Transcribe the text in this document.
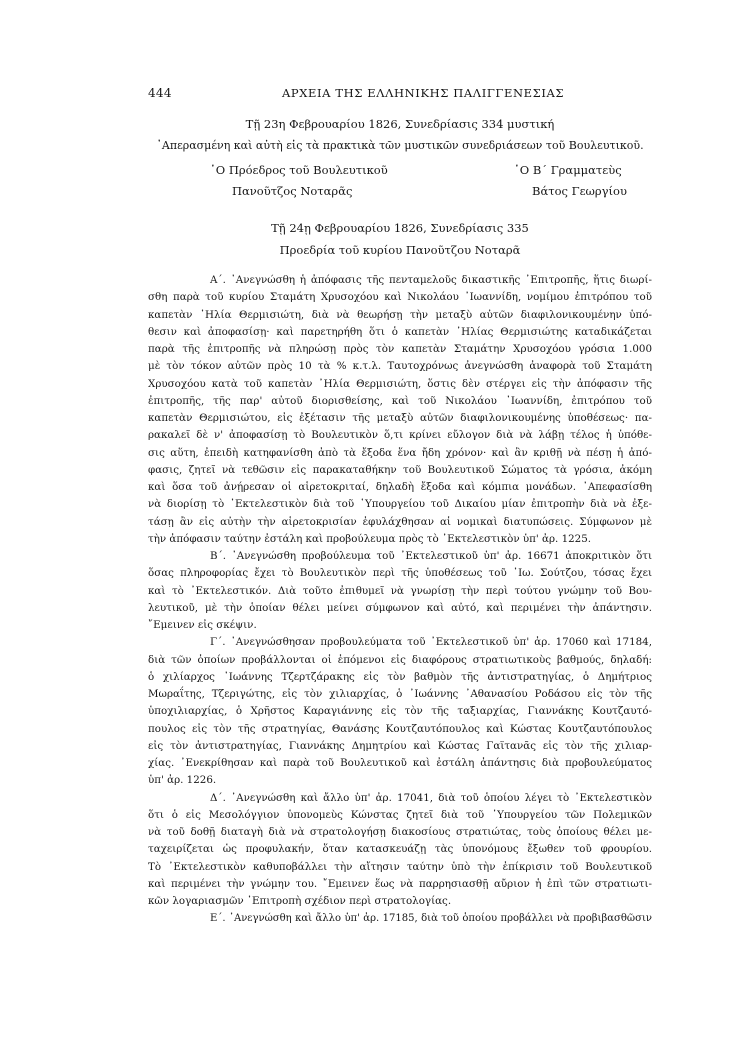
444	ΑΡΧΕΙΑ ΤΗΣ ΕΛΛΗΝΙΚΗΣ ΠΑΛΙΓΓΕΝΕΣΙΑΣ
Τῇ 23η Φεβρουαρίου 1826, Συνεδρίασις 334 μυστική
᾿Απερασμένη καὶ αὐτὴ εἰς τὰ πρακτικὰ τῶν μυστικῶν συνεδριάσεων τοῦ Βουλευτικοῦ.
῾Ο Πρόεδρος τοῦ Βουλευτικοῦ
Πανοῦτζος Νοταρᾶς
῾Ο Β΄ Γραμματεὺς
Βάτος Γεωργίου
Τῇ 24ῃ Φεβρουαρίου 1826, Συνεδρίασις 335
Προεδρία τοῦ κυρίου Πανοῦτζου Νοταρᾶ
Α΄. ᾿Ανεγνώσθη ἡ ἀπόφασις τῆς πενταμελοῦς δικαστικῆς ᾿Επιτροπῆς, ἥτις διωρί-
σθη παρὰ τοῦ κυρίου Σταμάτη Χρυσοχόου καὶ Νικολάου ᾿Ιωαννίδη, νομίμου ἐπιτρόπου τοῦ
καπετὰν ᾿Ηλία Θερμισιώτη, διὰ νὰ θεωρήσῃ τὴν μεταξὺ αὐτῶν διαφιλονικουμένην ὑπό-
θεσιν καὶ ἀποφασίσῃ· καὶ παρετηρήθη ὅτι ὁ καπετὰν ᾿Ηλίας Θερμισιώτης καταδικάζεται
παρὰ τῆς ἐπιτροπῆς νὰ πληρώσῃ πρὸς τὸν καπετὰν Σταμάτην Χρυσοχόου γρόσια 1.000
μὲ τὸν τόκον αὐτῶν πρὸς 10 τὰ % κ.τ.λ. Ταυτοχρόνως ἀνεγνώσθη ἀναφορὰ τοῦ Σταμάτη
Χρυσοχόου κατὰ τοῦ καπετὰν ᾿Ηλία Θερμισιώτη, ὅστις δὲν στέργει εἰς τὴν ἀπόφασιν τῆς
ἐπιτροπῆς, τῆς παρ' αὐτοῦ διορισθείσης, καὶ τοῦ Νικολάου ᾿Ιωαννίδη, ἐπιτρόπου τοῦ
καπετὰν Θερμισιώτου, εἰς ἐξέτασιν τῆς μεταξὺ αὐτῶν διαφιλονικουμένης ὑποθέσεως· πα-
ρακαλεῖ δὲ ν' ἀποφασίσῃ τὸ Βουλευτικὸν ὅ,τι κρίνει εὔλογον διὰ νὰ λάβῃ τέλος ἡ ὑπόθε-
σις αὕτη, ἐπειδὴ κατηφανίσθη ἀπὸ τὰ ἔξοδα ἕνα ἤδη χρόνον· καὶ ἂν κριθῇ νὰ πέσῃ ἡ ἀπό-
φασις, ζητεῖ νὰ τεθῶσιν εἰς παρακαταθήκην τοῦ Βουλευτικοῦ Σώματος τὰ γρόσια, ἀκόμη
καὶ ὅσα τοῦ ἀνῄρεσαν οἱ αἱρετοκριταί, δηλαδὴ ἔξοδα καὶ κόμπια μονάδων. ᾿Απεφασίσθη
νὰ διορίσῃ τὸ ᾿Εκτελεστικὸν διὰ τοῦ ῾Υπουργείου τοῦ Δικαίου μίαν ἐπιτροπὴν διὰ νὰ ἐξε-
τάσῃ ἂν εἰς αὐτὴν τὴν αἱρετοκρισίαν ἐφυλάχθησαν αἱ νομικαὶ διατυπώσεις. Σύμφωνον μὲ
τὴν ἀπόφασιν ταύτην ἐστάλη καὶ προβούλευμα πρὸς τὸ ᾿Εκτελεστικὸν ὑπ' ἀρ. 1225.
Β΄. ᾿Ανεγνώσθη προβούλευμα τοῦ ᾿Εκτελεστικοῦ ὑπ' ἀρ. 16671 ἀποκριτικὸν ὅτι
ὅσας πληροφορίας ἔχει τὸ Βουλευτικὸν περὶ τῆς ὑποθέσεως τοῦ ᾿Ιω. Σούτζου, τόσας ἔχει
καὶ τὸ ᾿Εκτελεστικόν. Διὰ τοῦτο ἐπιθυμεῖ νὰ γνωρίσῃ τὴν περὶ τούτου γνώμην τοῦ Βου-
λευτικοῦ, μὲ τὴν ὁποίαν θέλει μείνει σύμφωνον καὶ αὐτό, καὶ περιμένει τὴν ἀπάντησιν.
῎Εμεινεν εἰς σκέψιν.
Γ΄. ᾿Ανεγνώσθησαν προβουλεύματα τοῦ ᾿Εκτελεστικοῦ ὑπ' ἀρ. 17060 καὶ 17184,
διὰ τῶν ὁποίων προβάλλονται οἱ ἑπόμενοι εἰς διαφόρους στρατιωτικοὺς βαθμούς, δηλαδή:
ὁ χιλίαρχος ᾿Ιωάννης Τζερτζάρακης εἰς τὸν βαθμὸν τῆς ἀντιστρατηγίας, ὁ Δημήτριος
Μωραΐτης, Τζεριγώτης, εἰς τὸν χιλιαρχίας, ὁ ᾿Ιωάννης ᾿Αθανασίου Ροδάσου εἰς τὸν τῆς
ὑποχιλιαρχίας, ὁ Χρῆστος Καραγιάννης εἰς τὸν τῆς ταξιαρχίας, Γιαννάκης Κουτζαυτό-
πουλος εἰς τὸν τῆς στρατηγίας, Θανάσης Κουτζαυτόπουλος καὶ Κώστας Κουτζαυτόπουλος
εἰς τὸν ἀντιστρατηγίας, Γιαννάκης Δημητρίου καὶ Κώστας Γαϊτανᾶς εἰς τὸν τῆς χιλιαρ-
χίας. ᾿Ενεκρίθησαν καὶ παρὰ τοῦ Βουλευτικοῦ καὶ ἐστάλη ἀπάντησις διὰ προβουλεύματος
ὑπ' ἀρ. 1226.
Δ΄. ᾿Ανεγνώσθη καὶ ἄλλο ὑπ' ἀρ. 17041, διὰ τοῦ ὁποίου λέγει τὸ ᾿Εκτελεστικὸν
ὅτι ὁ εἰς Μεσολόγγιον ὑπονομεὺς Κώνστας ζητεῖ διὰ τοῦ ῾Υπουργείου τῶν Πολεμικῶν
νὰ τοῦ δοθῇ διαταγὴ διὰ νὰ στρατολογήσῃ διακοσίους στρατιώτας, τοὺς ὁποίους θέλει με-
ταχειρίζεται ὡς προφυλακήν, ὅταν κατασκευάζῃ τὰς ὑπονόμους ἔξωθεν τοῦ φρουρίου.
Τὸ ᾿Εκτελεστικὸν καθυποβάλλει τὴν αἴτησιν ταύτην ὑπὸ τὴν ἐπίκρισιν τοῦ Βουλευτικοῦ
καὶ περιμένει τὴν γνώμην του. ῎Εμεινεν ἕως νὰ παρρησιασθῇ αὔριον ἡ ἐπὶ τῶν στρατιωτι-
κῶν λογαριασμῶν ᾿Επιτροπὴ σχέδιον περὶ στρατολογίας.
Ε΄. ᾿Ανεγνώσθη καὶ ἄλλο ὑπ' ἀρ. 17185, διὰ τοῦ ὁποίου προβάλλει νὰ προβιβασθῶσιν
